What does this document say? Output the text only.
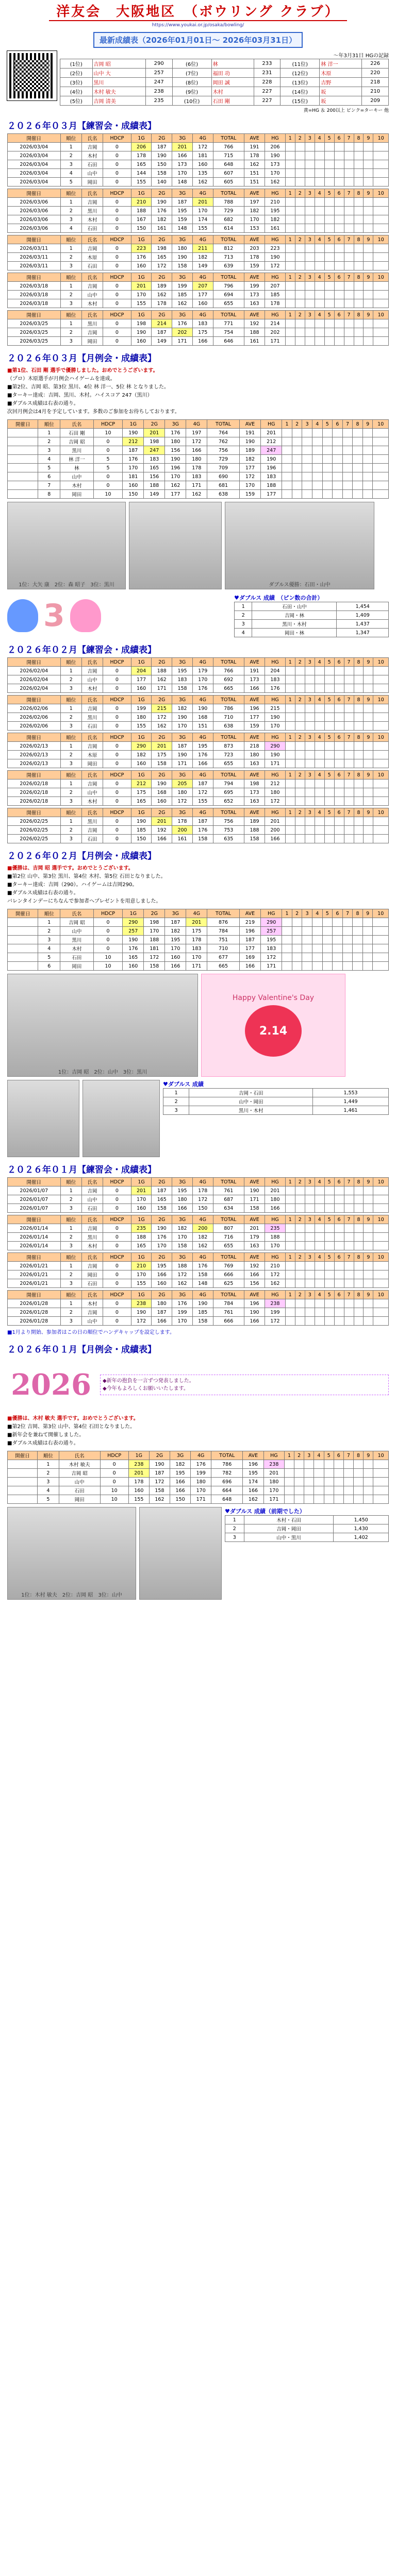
洋友会　大阪地区　（ボウリング クラブ）
https://www.youkai.or.jp/osaka/bowling/
最新成績表（2026年01月01日～ 2026年03月31日）
～年3月31日 HGの記録
(1位)	吉岡 昭	290	(6位)	林	233	(11位)	林 洋一	226
(2位)	山中 大	257	(7位)	福田 功	231	(12位)	木原	220
(3位)	黒川	247	(8位)	岡田 誠	228	(13位)	吉野	218
(4位)	木村 敏夫	238	(9位)	木村	227	(14位)	坂	210
(5位)	吉岡 清美	235	(10位)	石田 剛	227	(15位)	坂	209
黄=HG ＆ 200以上 ピンク=ターキー 他
２０２６年０３月【練習会・成績表】
開催日	順位	氏名	HDCP	1G	2G	3G	4G	TOTAL	AVE	HG	1	2	3	4	5	6	7	8	9	10
2026/03/04	1	吉岡	0	206	187	201	172	766	191	206										
2026/03/04	2	木村	0	178	190	166	181	715	178	190										
2026/03/04	3	石田	0	165	150	173	160	648	162	173										
2026/03/04	4	山中	0	144	158	170	135	607	151	170										
2026/03/04	5	岡田	0	155	140	148	162	605	151	162										
開催日	順位	氏名	HDCP	1G	2G	3G	4G	TOTAL	AVE	HG	1	2	3	4	5	6	7	8	9	10
2026/03/06	1	吉岡	0	210	190	187	201	788	197	210										
2026/03/06	2	黒川	0	188	176	195	170	729	182	195										
2026/03/06	3	木村	0	167	182	159	174	682	170	182										
2026/03/06	4	石田	0	150	161	148	155	614	153	161										
開催日	順位	氏名	HDCP	1G	2G	3G	4G	TOTAL	AVE	HG	1	2	3	4	5	6	7	8	9	10
2026/03/11	1	吉岡	0	223	198	180	211	812	203	223										
2026/03/11	2	木原	0	176	165	190	182	713	178	190										
2026/03/11	3	石田	0	160	172	158	149	639	159	172										
開催日	順位	氏名	HDCP	1G	2G	3G	4G	TOTAL	AVE	HG	1	2	3	4	5	6	7	8	9	10
2026/03/18	1	吉岡	0	201	189	199	207	796	199	207										
2026/03/18	2	山中	0	170	162	185	177	694	173	185										
2026/03/18	3	木村	0	155	178	162	160	655	163	178										
開催日	順位	氏名	HDCP	1G	2G	3G	4G	TOTAL	AVE	HG	1	2	3	4	5	6	7	8	9	10
2026/03/25	1	黒川	0	198	214	176	183	771	192	214										
2026/03/25	2	吉岡	0	190	187	202	175	754	188	202										
2026/03/25	3	岡田	0	160	149	171	166	646	161	171										
２０２６年０３月【月例会・成績表】
■第1位、石田 剛 選手で優勝しました。おめでとうございます。
（プロ）木原選手が月例会ハイゲームを達成。
■第2位、吉岡 昭、第3位 黒川、4位 林 洋一、5位 林 となりました。
■ターキー達成：吉岡、黒川、木村。ハイスコア 247（黒川）
■ダブルス成績は右表の通り。
次回月例会は4月を予定しています。多数のご参加をお待ちしております。
開催日	順位	氏名	HDCP	1G	2G	3G	4G	TOTAL	AVE	HG	1	2	3	4	5	6	7	8	9	10
	1	石田 剛	10	190	201	176	197	764	191	201										
	2	吉岡 昭	0	212	198	180	172	762	190	212										
	3	黒川	0	187	247	156	166	756	189	247										
	4	林 洋一	5	176	183	190	180	729	182	190										
	5	林	5	170	165	196	178	709	177	196										
	6	山中	0	181	156	170	183	690	172	183										
	7	木村	0	160	188	162	171	681	170	188										
	8	岡田	10	150	149	177	162	638	159	177										
1位：大矢 康　2位：森 昭子　3位：黒川	ダブルス優勝：石田・山中
3	♥ダブルス 成績　（ピン数の合計）
1	石田・山中	1,454
2	吉岡・林	1,409
3	黒川・木村	1,437
4	岡田・林	1,347
２０２６年０２月【練習会・成績表】
開催日	順位	氏名	HDCP	1G	2G	3G	4G	TOTAL	AVE	HG	1	2	3	4	5	6	7	8	9	10
2026/02/04	1	吉岡	0	204	188	195	179	766	191	204										
2026/02/04	2	山中	0	177	162	183	170	692	173	183										
2026/02/04	3	木村	0	160	171	158	176	665	166	176										
開催日	順位	氏名	HDCP	1G	2G	3G	4G	TOTAL	AVE	HG	1	2	3	4	5	6	7	8	9	10
2026/02/06	1	吉岡	0	199	215	182	190	786	196	215										
2026/02/06	2	黒川	0	180	172	190	168	710	177	190										
2026/02/06	3	石田	0	155	162	170	151	638	159	170										
開催日	順位	氏名	HDCP	1G	2G	3G	4G	TOTAL	AVE	HG	1	2	3	4	5	6	7	8	9	10
2026/02/13	1	吉岡	0	290	201	187	195	873	218	290										
2026/02/13	2	木原	0	182	175	190	176	723	180	190										
2026/02/13	3	岡田	0	160	158	171	166	655	163	171										
開催日	順位	氏名	HDCP	1G	2G	3G	4G	TOTAL	AVE	HG	1	2	3	4	5	6	7	8	9	10
2026/02/18	1	吉岡	0	212	190	205	187	794	198	212										
2026/02/18	2	山中	0	175	168	180	172	695	173	180										
2026/02/18	3	木村	0	165	160	172	155	652	163	172										
開催日	順位	氏名	HDCP	1G	2G	3G	4G	TOTAL	AVE	HG	1	2	3	4	5	6	7	8	9	10
2026/02/25	1	黒川	0	190	201	178	187	756	189	201										
2026/02/25	2	吉岡	0	185	192	200	176	753	188	200										
2026/02/25	3	石田	0	150	166	161	158	635	158	166										
２０２６年０２月【月例会・成績表】
■優勝は、吉岡 昭 選手です。おめでとうございます。
■第2位 山中、第3位 黒川、第4位 木村、第5位 石田となりました。
■ターキー達成：吉岡（290）。ハイゲームは吉岡290。
■ダブルス成績は右表の通り。
バレンタインデーにちなんで参加者へプレゼントを用意しました。
開催日	順位	氏名	HDCP	1G	2G	3G	4G	TOTAL	AVE	HG	1	2	3	4	5	6	7	8	9	10
	1	吉岡 昭	0	290	198	187	201	876	219	290										
	2	山中	0	257	170	182	175	784	196	257										
	3	黒川	0	190	188	195	178	751	187	195										
	4	木村	0	176	181	170	183	710	177	183										
	5	石田	10	165	172	160	170	677	169	172										
	6	岡田	10	160	158	166	171	665	166	171										
1位：吉岡 昭　2位：山中　3位：黒川
Happy Valentine's Day
2.14
♥ダブルス 成績
1	吉岡・石田	1,553
2	山中・岡田	1,449
3	黒川・木村	1,461
２０２６年０１月【練習会・成績表】
開催日	順位	氏名	HDCP	1G	2G	3G	4G	TOTAL	AVE	HG	1	2	3	4	5	6	7	8	9	10
2026/01/07	1	吉岡	0	201	187	195	178	761	190	201										
2026/01/07	2	山中	0	170	165	180	172	687	171	180										
2026/01/07	3	石田	0	160	158	166	150	634	158	166										
開催日	順位	氏名	HDCP	1G	2G	3G	4G	TOTAL	AVE	HG	1	2	3	4	5	6	7	8	9	10
2026/01/14	1	吉岡	0	235	190	182	200	807	201	235										
2026/01/14	2	黒川	0	188	176	170	182	716	179	188										
2026/01/14	3	木村	0	165	170	158	162	655	163	170										
開催日	順位	氏名	HDCP	1G	2G	3G	4G	TOTAL	AVE	HG	1	2	3	4	5	6	7	8	9	10
2026/01/21	1	吉岡	0	210	195	188	176	769	192	210										
2026/01/21	2	岡田	0	170	166	172	158	666	166	172										
2026/01/21	3	石田	0	155	160	162	148	625	156	162										
開催日	順位	氏名	HDCP	1G	2G	3G	4G	TOTAL	AVE	HG	1	2	3	4	5	6	7	8	9	10
2026/01/28	1	木村	0	238	180	176	190	784	196	238										
2026/01/28	2	吉岡	0	190	187	199	185	761	190	199										
2026/01/28	3	山中	0	172	166	170	158	666	166	172										
■1月より開始、参加者はこの日の順位でハンデキャップを設定します。
２０２６年０１月【月例会・成績表】
2026	◆新年の抱負を一言ずつ発表しました。
◆今年もよろしくお願いいたします。
■優勝は、木村 敏夫 選手です。おめでとうございます。
■第2位 吉岡、第3位 山中、第4位 石田となりました。
■新年会を兼ねて開催しました。
■ダブルス成績は右表の通り。
開催日	順位	氏名	HDCP	1G	2G	3G	4G	TOTAL	AVE	HG	1	2	3	4	5	6	7	8	9	10
	1	木村 敏夫	0	238	190	182	176	786	196	238										
	2	吉岡 昭	0	201	187	195	199	782	195	201										
	3	山中	0	178	172	166	180	696	174	180										
	4	石田	10	160	158	166	170	664	166	170										
	5	岡田	10	155	162	150	171	648	162	171										
1位：木村 敏夫　2位：吉岡 昭　3位：山中
♥ダブルス 成績（前期でした）
1	木村・石田	1,450
2	吉岡・岡田	1,430
3	山中・黒川	1,402
